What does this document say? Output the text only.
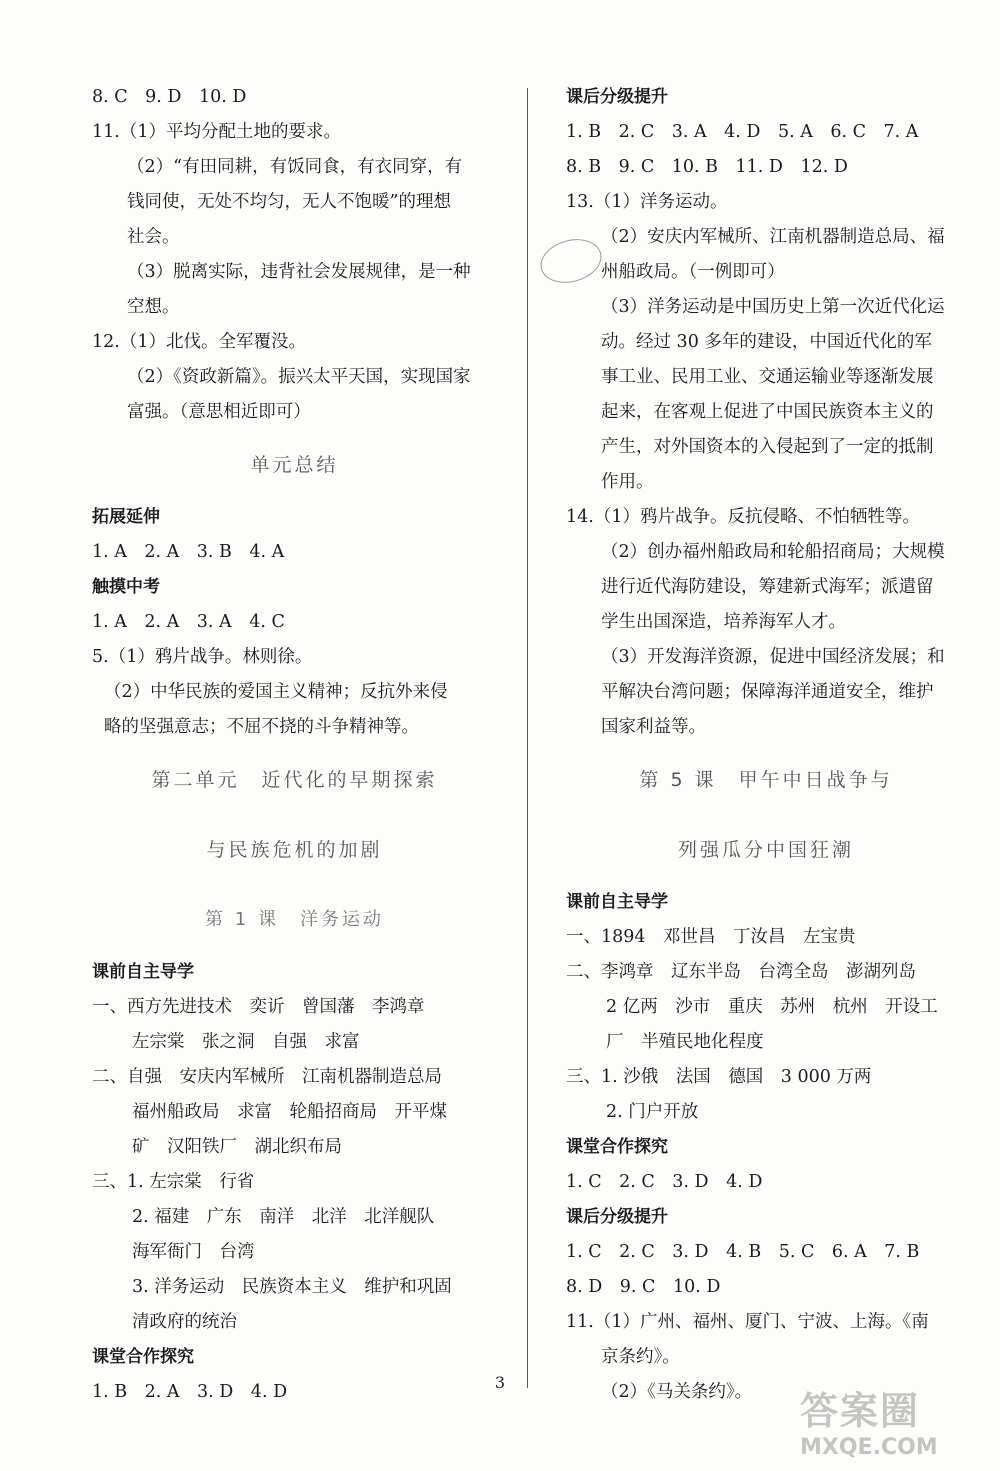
8. C　9. D　10. D
11.（1）平均分配土地的要求。
（2）“有田同耕，有饭同食，有衣同穿，有
钱同使，无处不均匀，无人不饱暖”的理想
社会。
（3）脱离实际，违背社会发展规律，是一种
空想。
12.（1）北伐。全军覆没。
（2）《资政新篇》。振兴太平天国，实现国家
富强。（意思相近即可）
单元总结
拓展延伸
1. A　2. A　3. B　4. A
触摸中考
1. A　2. A　3. A　4. C
5.（1）鸦片战争。林则徐。
（2）中华民族的爱国主义精神；反抗外来侵
略的坚强意志；不屈不挠的斗争精神等。
第二单元　近代化的早期探索
与民族危机的加剧
第 1 课　洋务运动
课前自主导学
一、西方先进技术　奕䜣　曾国藩　李鸿章
左宗棠　张之洞　自强　求富
二、自强　安庆内军械所　江南机器制造总局
福州船政局　求富　轮船招商局　开平煤
矿　汉阳铁厂　湖北织布局
三、1. 左宗棠　行省
2. 福建　广东　南洋　北洋　北洋舰队
海军衙门　台湾
3. 洋务运动　民族资本主义　维护和巩固
清政府的统治
课堂合作探究
1. B　2. A　3. D　4. D
课后分级提升
1. B　2. C　3. A　4. D　5. A　6. C　7. A
8. B　9. C　10. B　11. D　12. D
13.（1）洋务运动。
（2）安庆内军械所、江南机器制造总局、福
州船政局。（一例即可）
（3）洋务运动是中国历史上第一次近代化运
动。经过 30 多年的建设，中国近代化的军
事工业、民用工业、交通运输业等逐渐发展
起来，在客观上促进了中国民族资本主义的
产生，对外国资本的入侵起到了一定的抵制
作用。
14.（1）鸦片战争。反抗侵略、不怕牺牲等。
（2）创办福州船政局和轮船招商局；大规模
进行近代海防建设，筹建新式海军；派遣留
学生出国深造，培养海军人才。
（3）开发海洋资源，促进中国经济发展；和
平解决台湾问题；保障海洋通道安全，维护
国家利益等。
第 5 课　甲午中日战争与
列强瓜分中国狂潮
课前自主导学
一、1894　邓世昌　丁汝昌　左宝贵
二、李鸿章　辽东半岛　台湾全岛　澎湖列岛
2 亿两　沙市　重庆　苏州　杭州　开设工
厂　半殖民地化程度
三、1. 沙俄　法国　德国　3 000 万两
2. 门户开放
课堂合作探究
1. C　2. C　3. D　4. D
课后分级提升
1. C　2. C　3. D　4. B　5. C　6. A　7. B
8. D　9. C　10. D
11.（1）广州、福州、厦门、宁波、上海。《南
京条约》。
（2）《马关条约》。
3
答案圈
MXQE.COM
